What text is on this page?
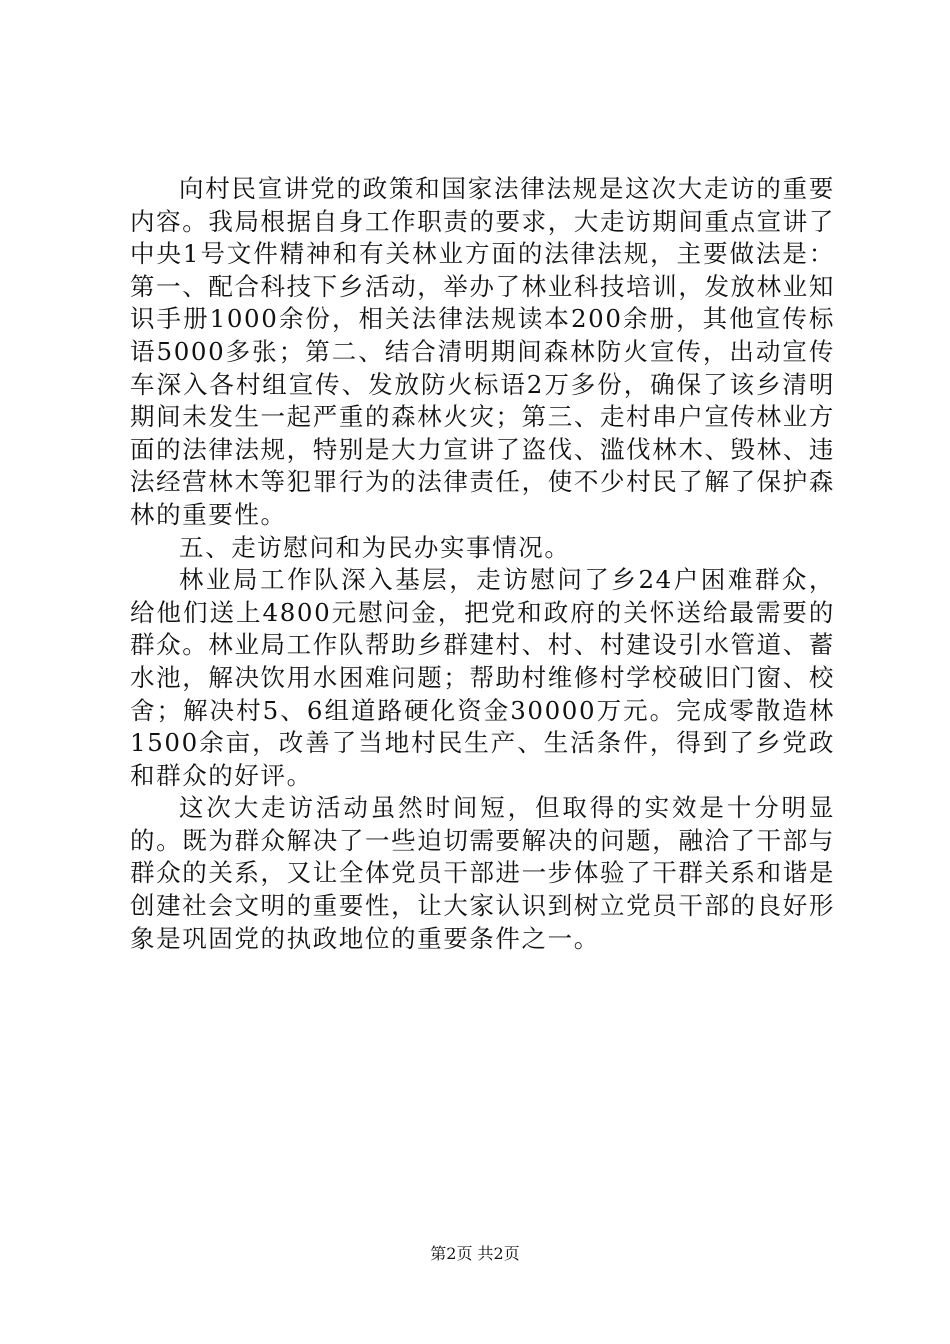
向村民宣讲党的政策和国家法律法规是这次大走访的重要内容。我局根据自身工作职责的要求，大走访期间重点宣讲了中央1号文件精神和有关林业方面的法律法规，主要做法是：第一、配合科技下乡活动，举办了林业科技培训，发放林业知识手册1000余份，相关法律法规读本200余册，其他宣传标语5000多张；第二、结合清明期间森林防火宣传，出动宣传车深入各村组宣传、发放防火标语2万多份，确保了该乡清明期间未发生一起严重的森林火灾；第三、走村串户宣传林业方面的法律法规，特别是大力宣讲了盗伐、滥伐林木、毁林、违法经营林木等犯罪行为的法律责任，使不少村民了解了保护森林的重要性。

五、走访慰问和为民办实事情况。

林业局工作队深入基层，走访慰问了乡24户困难群众，给他们送上4800元慰问金，把党和政府的关怀送给最需要的群众。林业局工作队帮助乡群建村、村、村建设引水管道、蓄水池，解决饮用水困难问题；帮助村维修村学校破旧门窗、校舍；解决村5、6组道路硬化资金30000万元。完成零散造林1500余亩，改善了当地村民生产、生活条件，得到了乡党政和群众的好评。

这次大走访活动虽然时间短，但取得的实效是十分明显的。既为群众解决了一些迫切需要解决的问题，融洽了干部与群众的关系，又让全体党员干部进一步体验了干群关系和谐是创建社会文明的重要性，让大家认识到树立党员干部的良好形象是巩固党的执政地位的重要条件之一。

第2页 共2页
